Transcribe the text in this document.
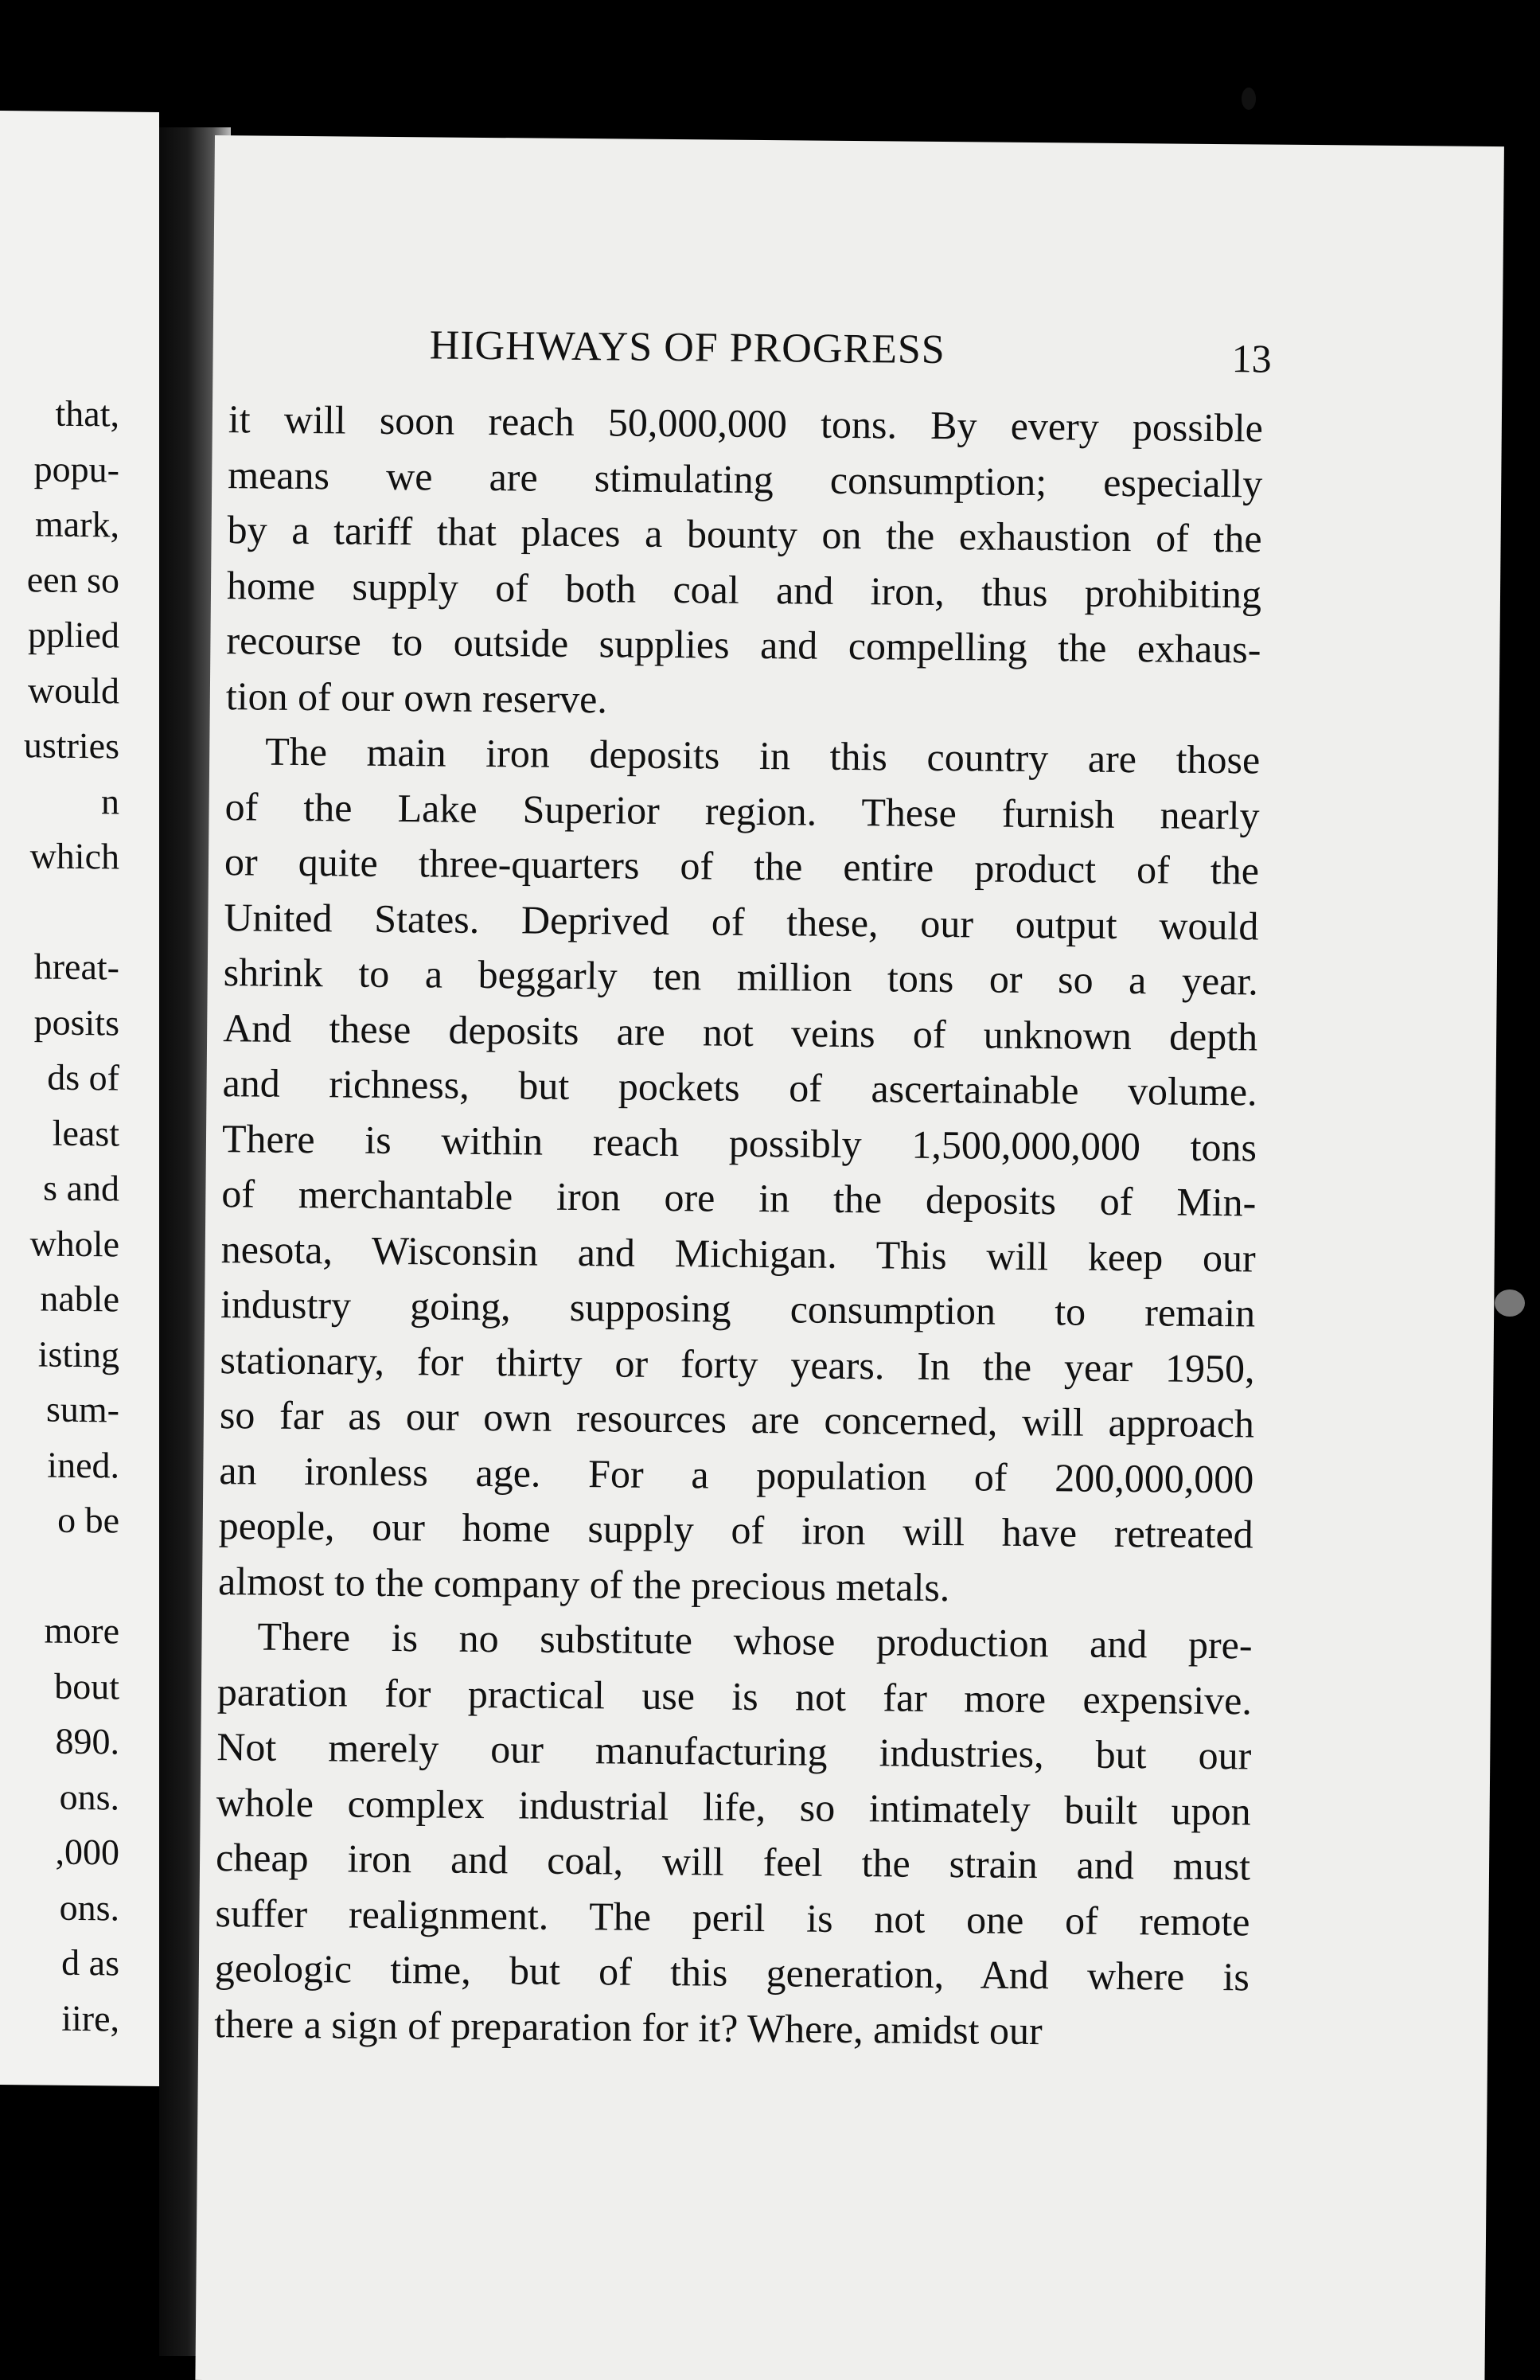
that,
popu-
mark,
een so
pplied
would
ustries
n
which
hreat-
posits
ds of
least
s and
whole
nable
isting
sum-
ined.
o be
more
bout
890.
ons.
,000
ons.
d as
iire,
HIGHWAYS OF PROGRESS	13
it will soon reach 50,000,000 tons. By every possible
means we are stimulating consumption; especially
by a tariff that places a bounty on the exhaustion of the
home supply of both coal and iron, thus prohibiting
recourse to outside supplies and compelling the exhaus-
tion of our own reserve.
The main iron deposits in this country are those
of the Lake Superior region. These furnish nearly
or quite three-quarters of the entire product of the
United States. Deprived of these, our output would
shrink to a beggarly ten million tons or so a year.
And these deposits are not veins of unknown depth
and richness, but pockets of ascertainable volume.
There is within reach possibly 1,500,000,000 tons
of merchantable iron ore in the deposits of Min-
nesota, Wisconsin and Michigan. This will keep our
industry going, supposing consumption to remain
stationary, for thirty or forty years. In the year 1950,
so far as our own resources are concerned, will approach
an ironless age. For a population of 200,000,000
people, our home supply of iron will have retreated
almost to the company of the precious metals.
There is no substitute whose production and pre-
paration for practical use is not far more expensive.
Not merely our manufacturing industries, but our
whole complex industrial life, so intimately built upon
cheap iron and coal, will feel the strain and must
suffer realignment. The peril is not one of remote
geologic time, but of this generation, And where is
there a sign of preparation for it? Where, amidst our
